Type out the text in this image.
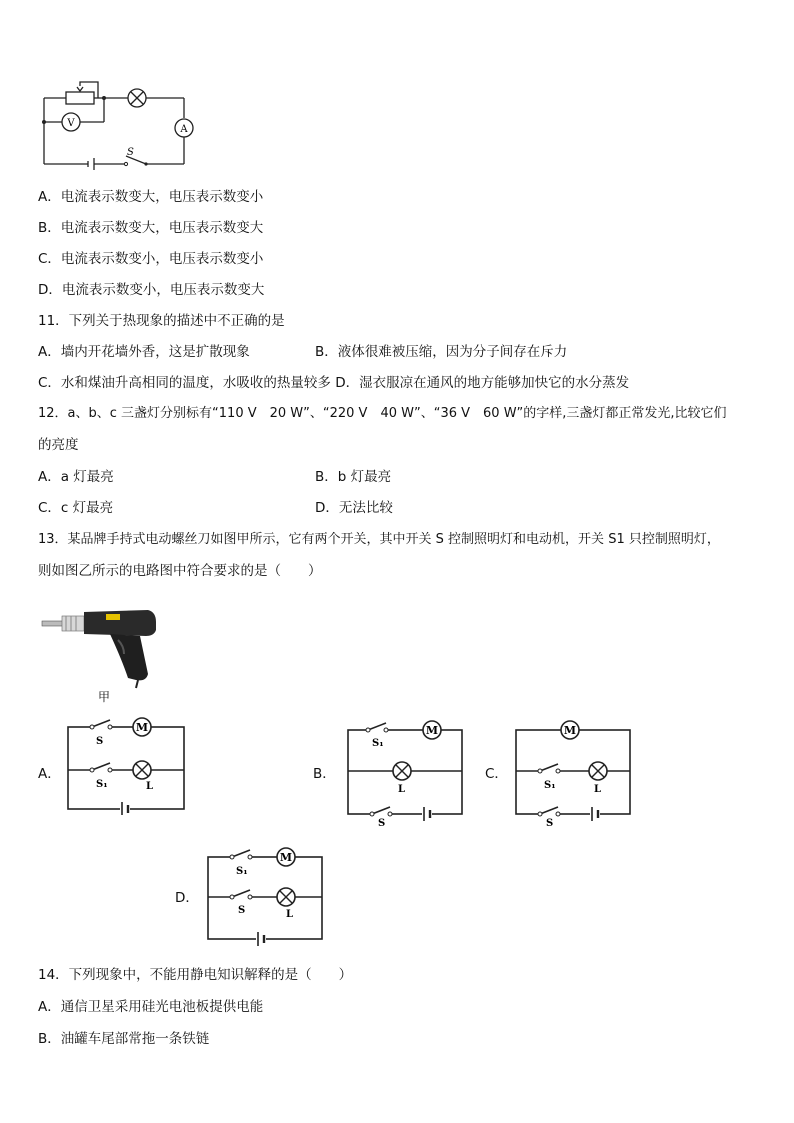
V
A
S
A．电流表示数变大，电压表示数变小
B．电流表示数变大，电压表示数变大
C．电流表示数变小，电压表示数变小
D．电流表示数变小，电压表示数变大
11．下列关于热现象的描述中不正确的是
A．墙内开花墙外香，这是扩散现象	B．液体很难被压缩，因为分子间存在斥力
C．水和煤油升高相同的温度，水吸收的热量较多 D．湿衣服凉在通风的地方能够加快它的水分蒸发
12．a、b、c 三盏灯分别标有“110 V　20 W”、“220 V　40 W”、“36 V　60 W”的字样,三盏灯都正常发光,比较它们
的亮度
A．a 灯最亮	B．b 灯最亮
C．c 灯最亮	D．无法比较
13．某品牌手持式电动螺丝刀如图甲所示，它有两个开关，其中开关 S 控制照明灯和电动机，开关 S1 只控制照明灯，
则如图乙所示的电路图中符合要求的是（　　）
甲
A．
M
S
S₁	L
B．
M
S₁
L
S
C．
M
S₁	L
S
D．
M
S₁
S	L
14．下列现象中，不能用静电知识解释的是（　　）
A．通信卫星采用硅光电池板提供电能
B．油罐车尾部常拖一条铁链
